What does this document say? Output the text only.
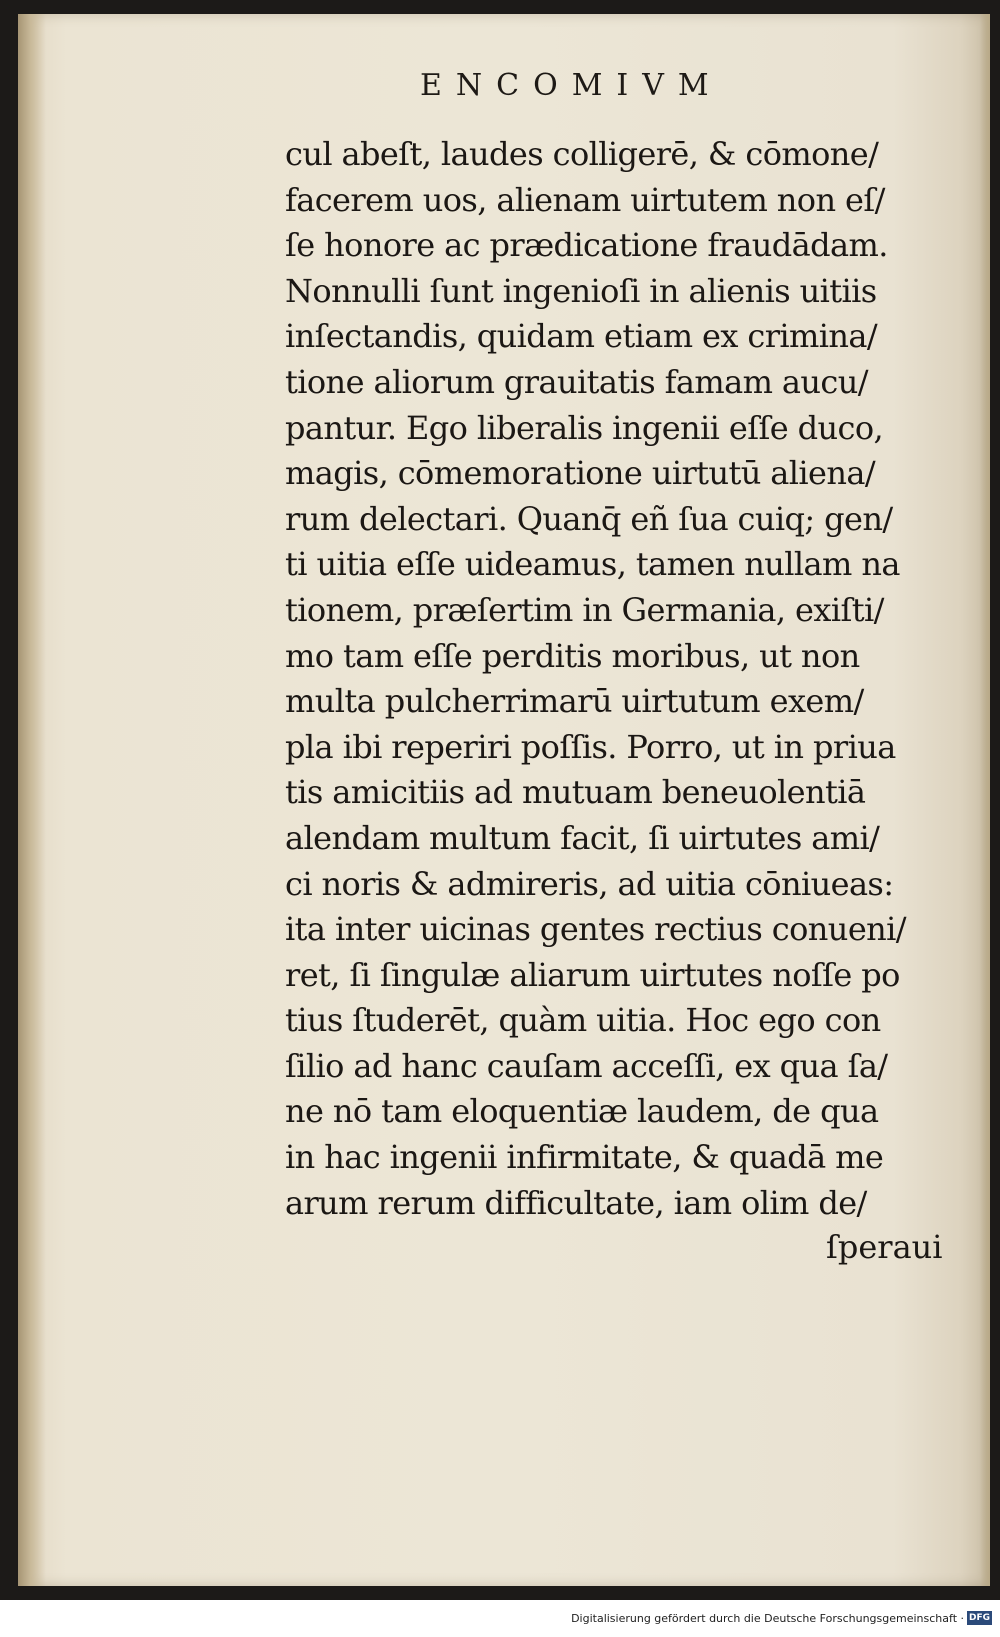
ENCOMIVM
cul abeſt, laudes colligerē, & cōmone/
facerem uos, alienam uirtutem non eſ/
ſe honore ac prædicatione fraudādam.
Nonnulli ſunt ingenioſi in alienis uitiis
inſectandis, quidam etiam ex crimina/
tione aliorum grauitatis famam aucu/
pantur. Ego liberalis ingenii eſſe duco,
magis, cōmemoratione uirtutū aliena/
rum delectari. Quanq̄ eñ ſua cuiq; gen/
ti uitia eſſe uideamus, tamen nullam na
tionem, præſertim in Germania, exiſti/
mo tam eſſe perditis moribus, ut non
multa pulcherrimarū uirtutum exem/
pla ibi reperiri poſſis. Porro, ut in priua
tis amicitiis ad mutuam beneuolentiā
alendam multum facit, ſi uirtutes ami/
ci noris & admireris, ad uitia cōniueas:
ita inter uicinas gentes rectius conueni/
ret, ſi ſingulæ aliarum uirtutes noſſe po
tius ſtuderēt, quàm uitia. Hoc ego con
ſilio ad hanc cauſam acceſſi, ex qua ſa/
ne nō tam eloquentiæ laudem, de qua
in hac ingenii infirmitate, & quadā me
arum rerum difficultate, iam olim de/
ſperaui
Digitalisierung gefördert durch die Deutsche Forschungsgemeinschaft · DFG
